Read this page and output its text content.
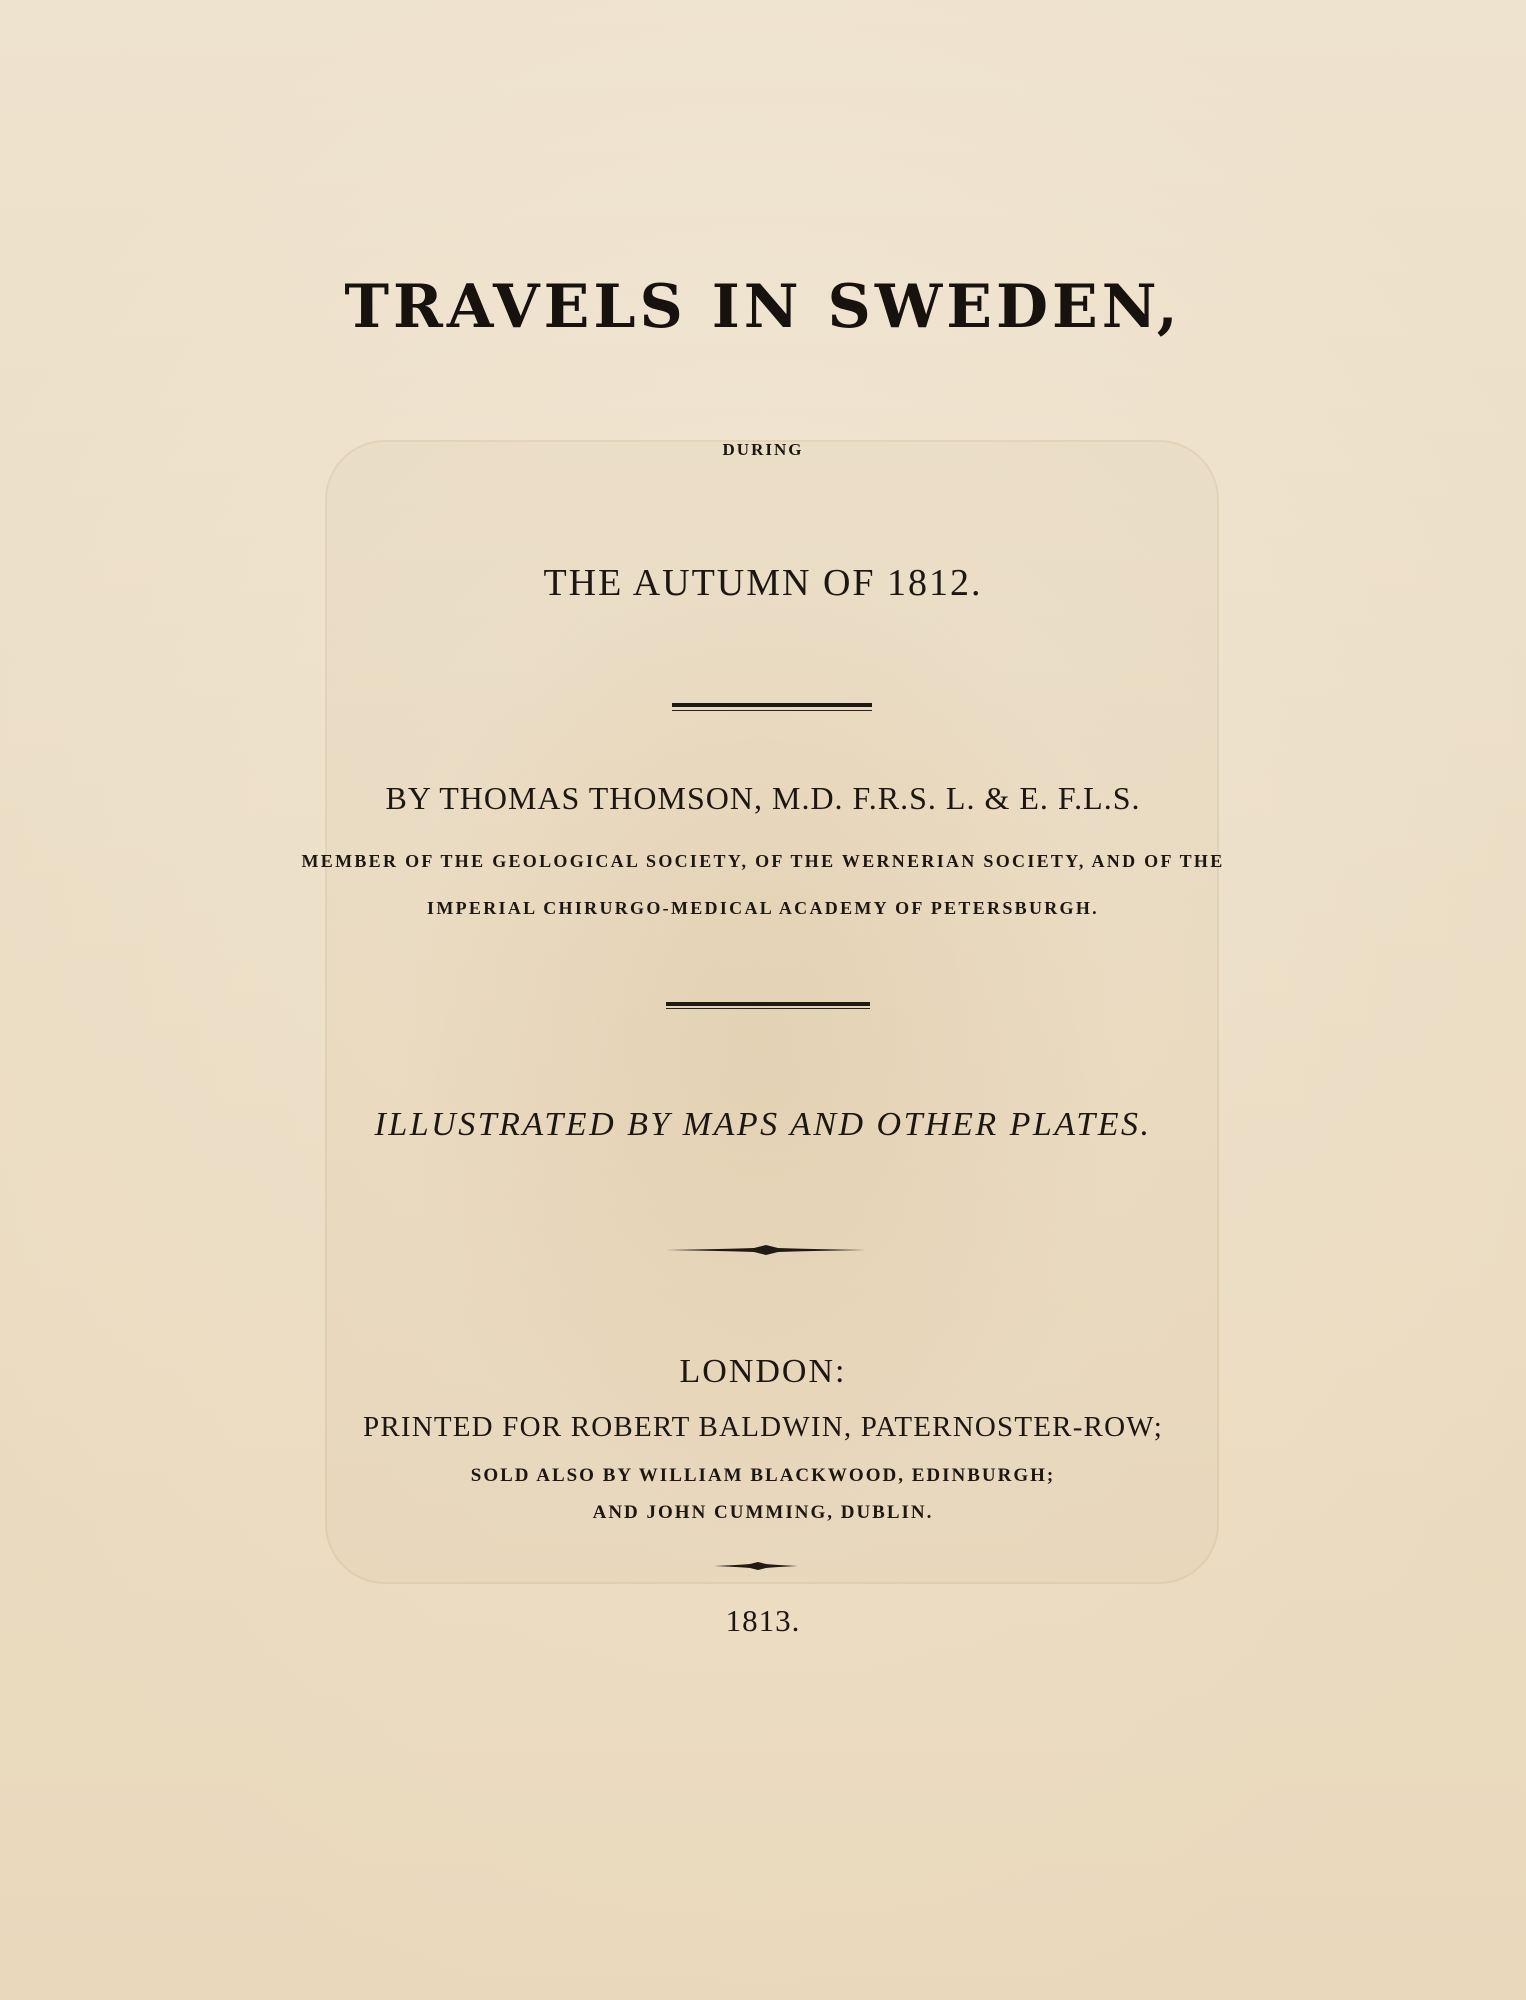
TRAVELS IN SWEDEN,

DURING

THE AUTUMN OF 1812.

BY THOMAS THOMSON, M.D. F.R.S. L. & E. F.L.S.

MEMBER OF THE GEOLOGICAL SOCIETY, OF THE WERNERIAN SOCIETY, AND OF THE

IMPERIAL CHIRURGO-MEDICAL ACADEMY OF PETERSBURGH.

ILLUSTRATED BY MAPS AND OTHER PLATES.

LONDON:

PRINTED FOR ROBERT BALDWIN, PATERNOSTER-ROW;

SOLD ALSO BY WILLIAM BLACKWOOD, EDINBURGH;

AND JOHN CUMMING, DUBLIN.

1813.
